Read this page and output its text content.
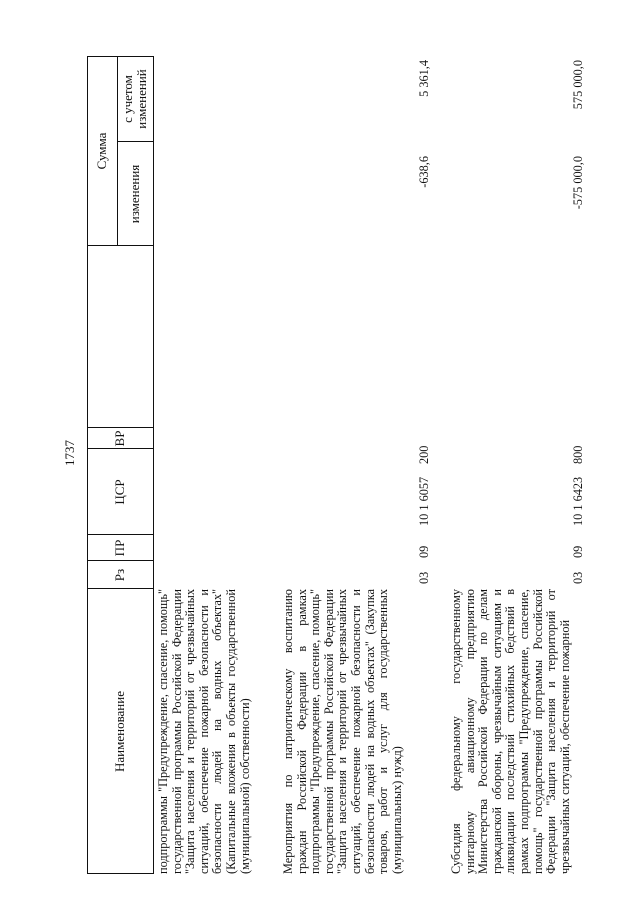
1737
Наименование
Рз
ПР
ЦСР
ВР
Сумма
изменения
с учетом изменений
подпрограммы "Предупреждение, спасение, помощь" государственной программы Российской Федерации "Защита населения и территорий от чрезвычайных ситуаций, обеспечение пожарной безопасности и безопасности людей на водных объектах" (Капитальные вложения в объекты государственной (муниципальной) собственности) Мероприятия по патриотическому воспитанию граждан Российской Федерации в рамках подпрограммы "Предупреждение, спасение, помощь" государственной программы Российской Федерации "Защита населения и территорий от чрезвычайных ситуаций, обеспечение пожарной безопасности и безопасности людей на водных объектах" (Закупка товаров, работ и услуг для государственных (муниципальных) нужд)
03
09
10 1 6057
200
-638,6
5 361,4
Субсидия федеральному государственному унитарному авиационному предприятию Министерства Российской Федерации по делам гражданской обороны, чрезвычайным ситуациям и ликвидации последствий стихийных бедствий в рамках подпрограммы "Предупреждение, спасение, помощь" государственной программы Российской Федерации "Защита населения и территорий от чрезвычайных ситуаций, обеспечение пожарной
03
09
10 1 6423
800
-575 000,0
575 000,0
